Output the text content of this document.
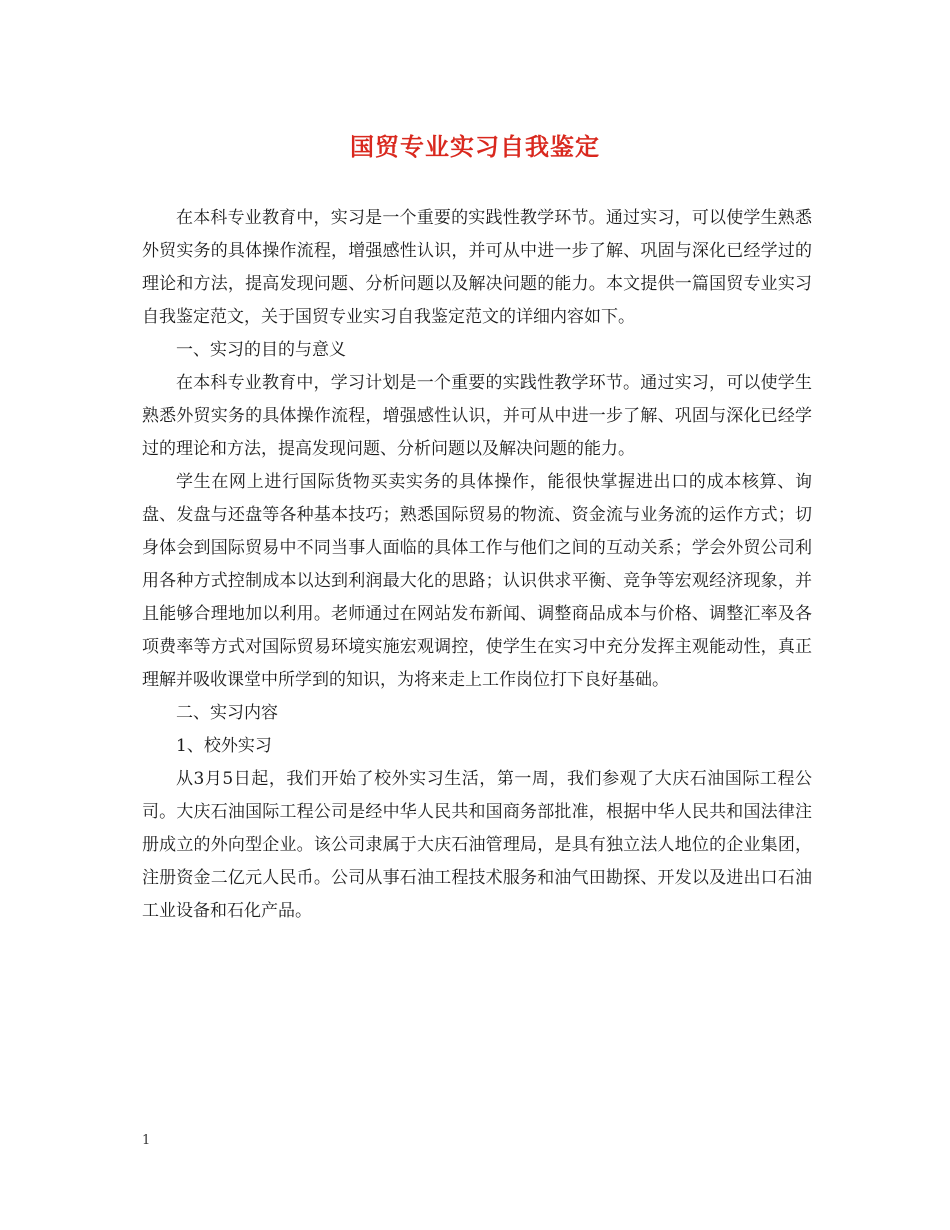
国贸专业实习自我鉴定

在本科专业教育中，实习是一个重要的实践性教学环节。通过实习，可以使学生熟悉外贸实务的具体操作流程，增强感性认识，并可从中进一步了解、巩固与深化已经学过的理论和方法，提高发现问题、分析问题以及解决问题的能力。本文提供一篇国贸专业实习自我鉴定范文，关于国贸专业实习自我鉴定范文的详细内容如下。

一、实习的目的与意义

在本科专业教育中，学习计划是一个重要的实践性教学环节。通过实习，可以使学生熟悉外贸实务的具体操作流程，增强感性认识，并可从中进一步了解、巩固与深化已经学过的理论和方法，提高发现问题、分析问题以及解决问题的能力。

学生在网上进行国际货物买卖实务的具体操作，能很快掌握进出口的成本核算、询盘、发盘与还盘等各种基本技巧；熟悉国际贸易的物流、资金流与业务流的运作方式；切身体会到国际贸易中不同当事人面临的具体工作与他们之间的互动关系；学会外贸公司利用各种方式控制成本以达到利润最大化的思路；认识供求平衡、竞争等宏观经济现象，并且能够合理地加以利用。老师通过在网站发布新闻、调整商品成本与价格、调整汇率及各项费率等方式对国际贸易环境实施宏观调控，使学生在实习中充分发挥主观能动性，真正理解并吸收课堂中所学到的知识，为将来走上工作岗位打下良好基础。

二、实习内容

1、校外实习

从3月5日起，我们开始了校外实习生活，第一周，我们参观了大庆石油国际工程公司。大庆石油国际工程公司是经中华人民共和国商务部批准，根据中华人民共和国法律注册成立的外向型企业。该公司隶属于大庆石油管理局，是具有独立法人地位的企业集团，注册资金二亿元人民币。公司从事石油工程技术服务和油气田勘探、开发以及进出口石油工业设备和石化产品。

1
